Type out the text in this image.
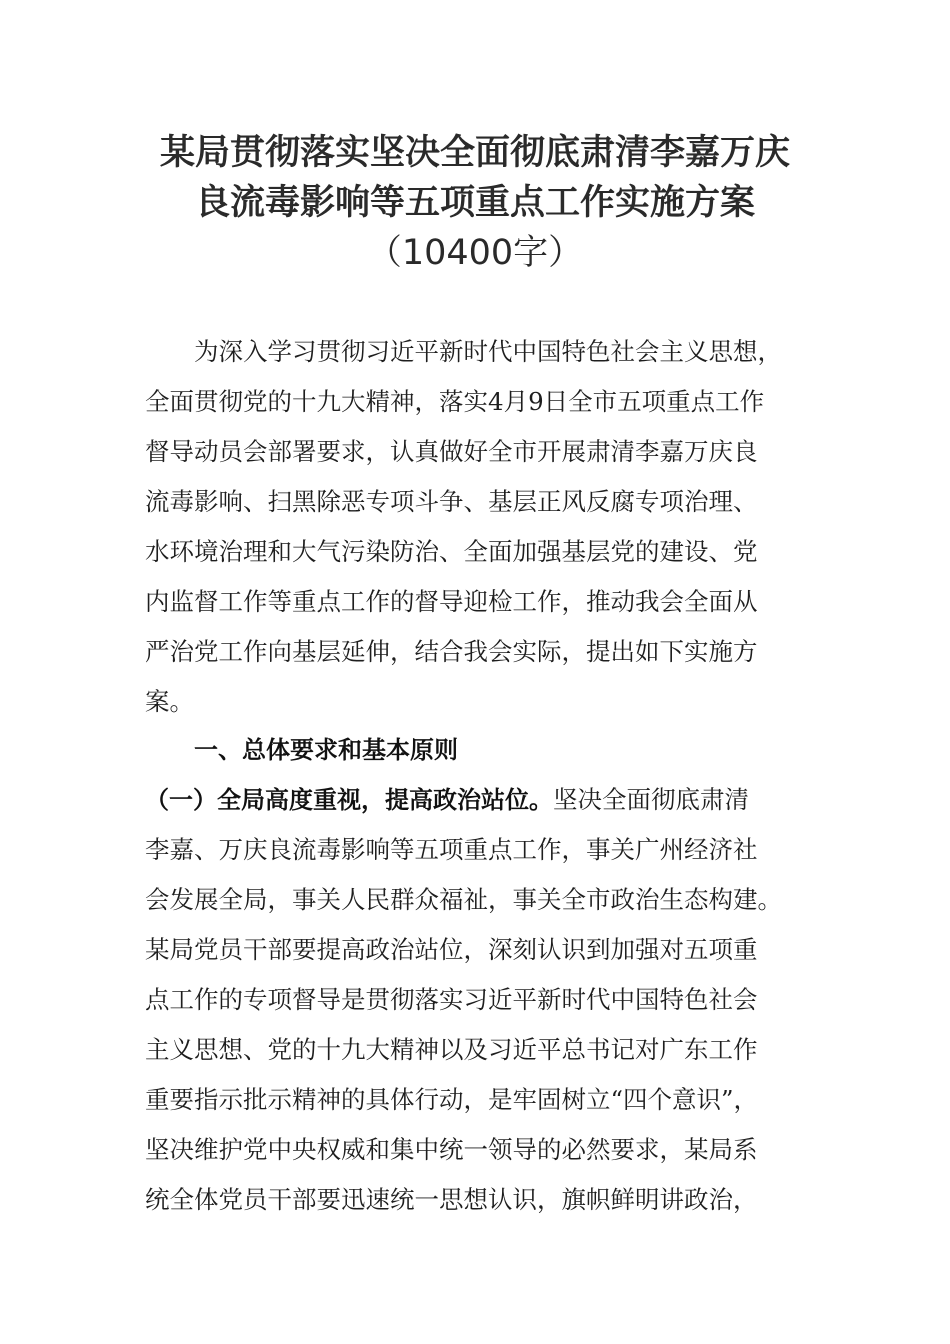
某局贯彻落实坚决全面彻底肃清李嘉万庆
良流毒影响等五项重点工作实施方案
（10400字）

为深入学习贯彻习近平新时代中国特色社会主义思想，

全面贯彻党的十九大精神，落实4月9日全市五项重点工作

督导动员会部署要求，认真做好全市开展肃清李嘉万庆良

流毒影响、扫黑除恶专项斗争、基层正风反腐专项治理、

水环境治理和大气污染防治、全面加强基层党的建设、党

内监督工作等重点工作的督导迎检工作，推动我会全面从

严治党工作向基层延伸，结合我会实际，提出如下实施方

案。

一、总体要求和基本原则

（一）全局高度重视，提高政治站位。坚决全面彻底肃清

李嘉、万庆良流毒影响等五项重点工作，事关广州经济社

会发展全局，事关人民群众福祉，事关全市政治生态构建。

某局党员干部要提高政治站位，深刻认识到加强对五项重

点工作的专项督导是贯彻落实习近平新时代中国特色社会

主义思想、党的十九大精神以及习近平总书记对广东工作

重要指示批示精神的具体行动，是牢固树立“四个意识”，

坚决维护党中央权威和集中统一领导的必然要求，某局系

统全体党员干部要迅速统一思想认识，旗帜鲜明讲政治，
